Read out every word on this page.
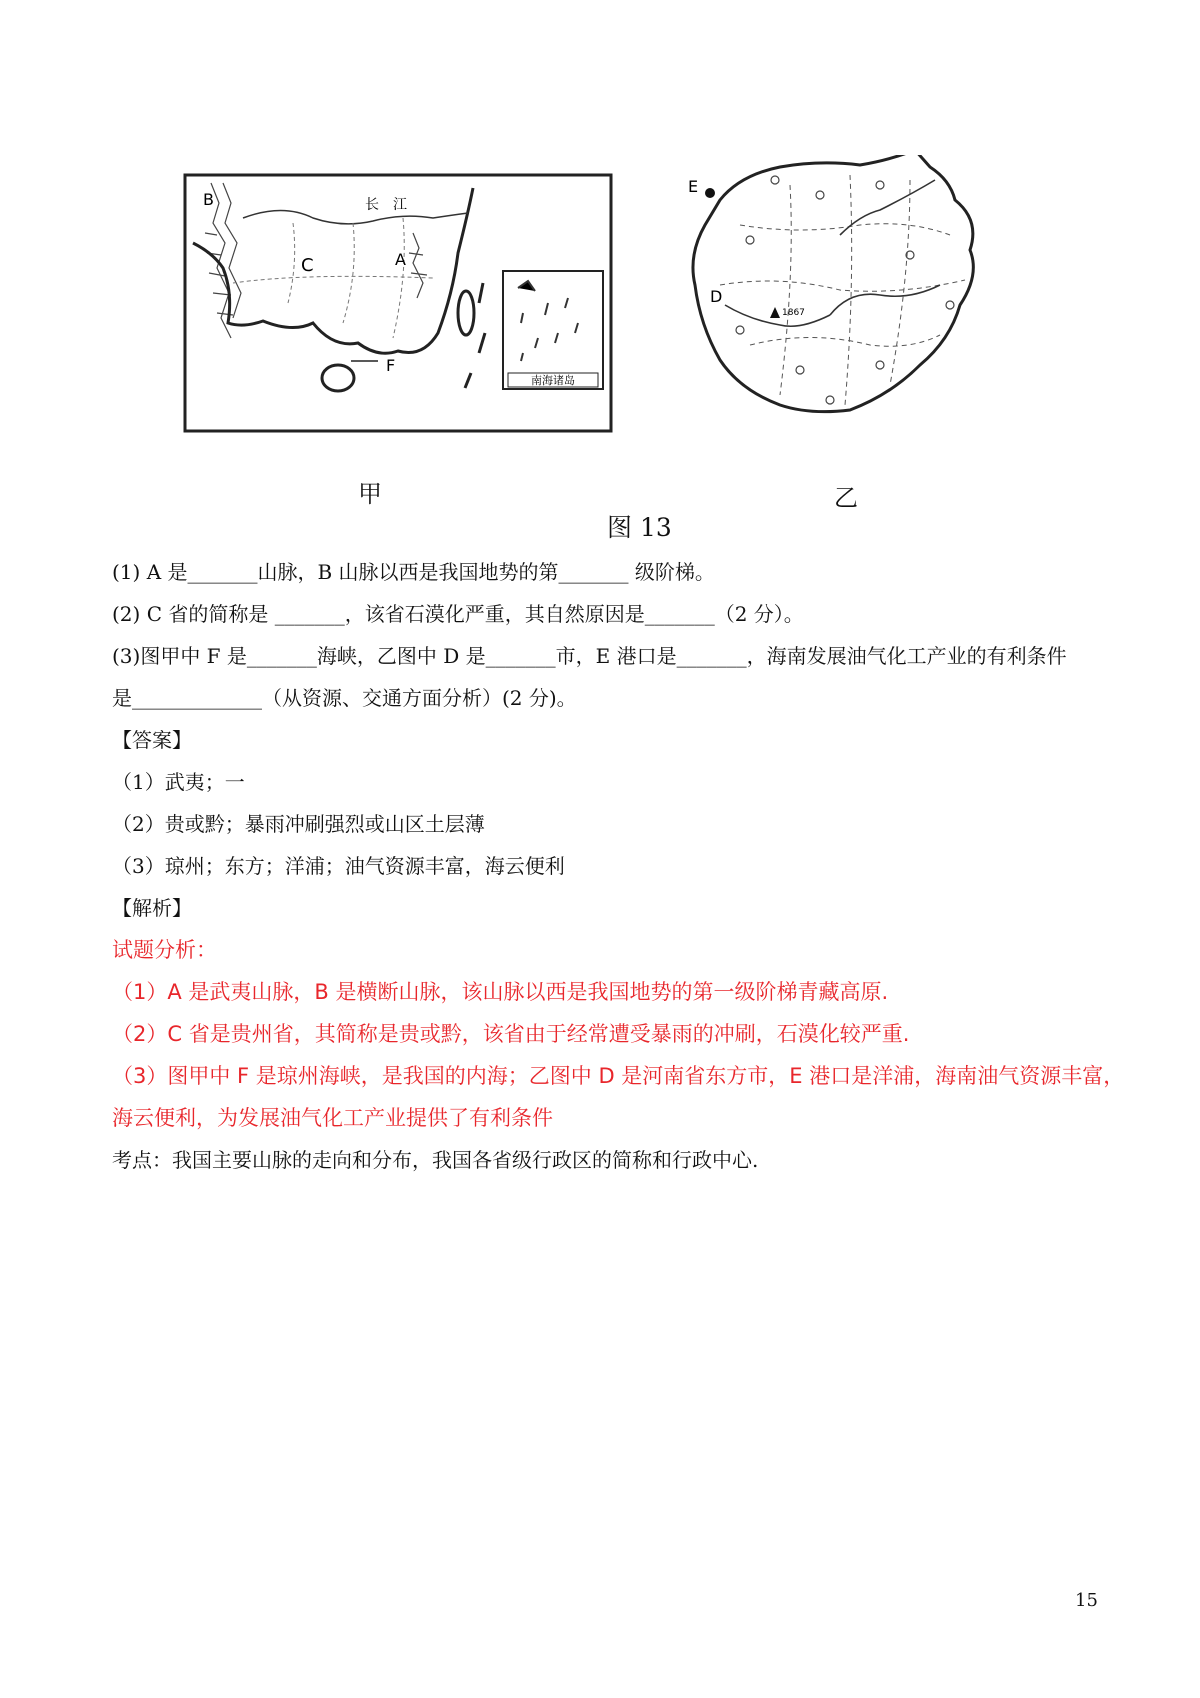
南海诸岛
B
C	A
F
长 江
E
D
1867
甲	乙
图 13
(1) A 是_______山脉，B 山脉以西是我国地势的第_______ 级阶梯。
(2) C 省的简称是 _______，该省石漠化严重，其自然原因是_______（2 分）。
(3)图甲中 F 是_______海峡，乙图中 D 是_______市，E 港口是_______，海南发展油气化工产业的有利条件
是_____________（从资源、交通方面分析）(2 分)。
【答案】
（1）武夷；一
（2）贵或黔；暴雨冲刷强烈或山区土层薄
（3）琼州；东方；洋浦；油气资源丰富，海云便利
【解析】
试题分析：
（1）A 是武夷山脉，B 是横断山脉，该山脉以西是我国地势的第一级阶梯青藏高原.
（2）C 省是贵州省，其简称是贵或黔，该省由于经常遭受暴雨的冲刷，石漠化较严重.
（3）图甲中 F 是琼州海峡，是我国的内海；乙图中 D 是河南省东方市，E 港口是洋浦，海南油气资源丰富，
海云便利，为发展油气化工产业提供了有利条件
考点：我国主要山脉的走向和分布，我国各省级行政区的简称和行政中心.
15
